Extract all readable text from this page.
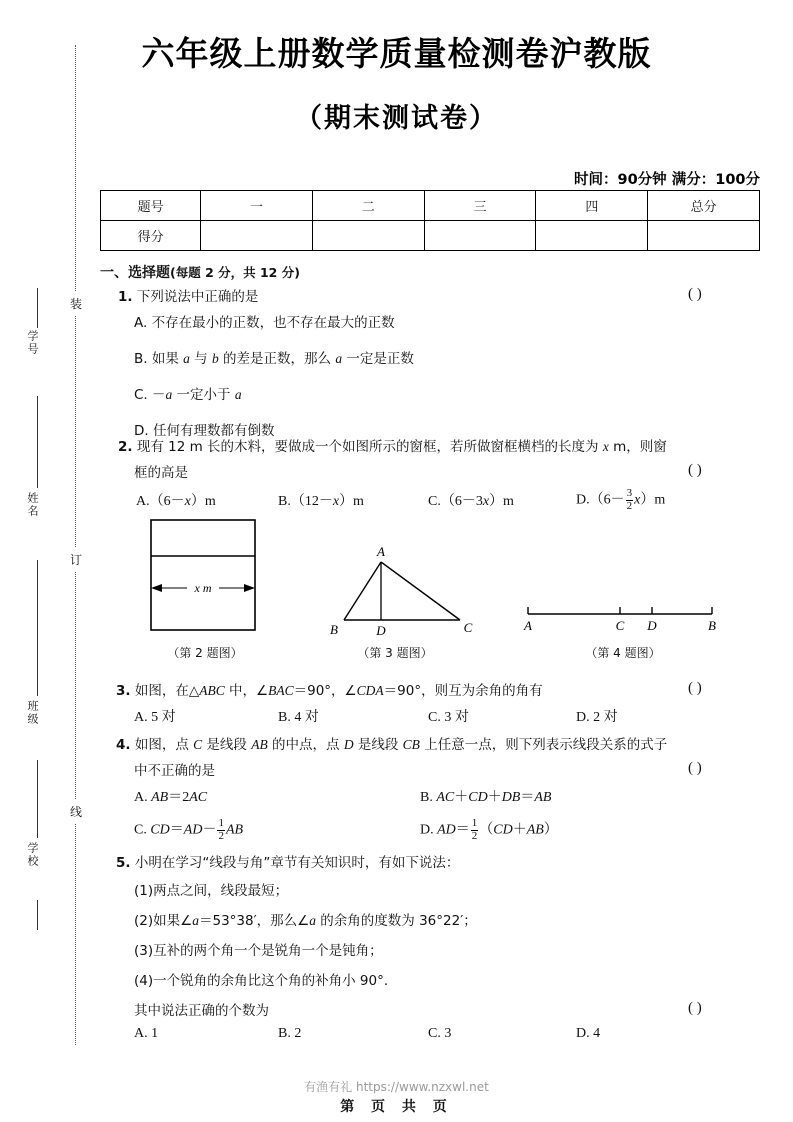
装
订
线
学号
姓名
班级
学校
六年级上册数学质量检测卷沪教版
（期末测试卷）
时间：90分钟 满分：100分
题号	一	二	三	四	总分
得分					
一、选择题(每题 2 分，共 12 分)
1. 下列说法中正确的是	( )
A. 不存在最小的正数，也不存在最大的正数
B. 如果 a 与 b 的差是正数，那么 a 一定是正数
C. －a 一定小于 a
D. 任何有理数都有倒数
2. 现有 12 m 长的木料，要做成一个如图所示的窗框，若所做窗框横档的长度为 x m，则窗
框的高是	( )
A.（6－x）m	B.（12－x）m	C.（6－3x）m	$D.(6- \frac{3}{2} x)m$
x m
（第 2 题图）
A
B	D	C
（第 3 题图）
A	C D	B
（第 4 题图）
3. 如图，在△ABC 中，∠BAC＝90°，∠CDA＝90°，则互为余角的角有	( )
A. 5 对	B. 4 对	C. 3 对	D. 2 对
4. 如图，点 C 是线段 AB 的中点，点 D 是线段 CB 上任意一点，则下列表示线段关系的式子
中不正确的是	( )
A. AB＝2AC	B. AC＋CD＋DB＝AB
C. $CD=AD- \frac{1}{2}$ AB	D. $AD= \frac{1}{2} (CD+AB)$
5. 小明在学习“线段与角”章节有关知识时，有如下说法：
(1)两点之间，线段最短；
(2)如果∠a＝53°38′，那么∠a 的余角的度数为 36°22′；
(3)互补的两个角一个是锐角一个是钝角；
(4)一个锐角的余角比这个角的补角小 90°.
其中说法正确的个数为	( )
A. 1	B. 2	C. 3	D. 4
有渔有礼 https://www.nzxwl.net
第 页 共 页
